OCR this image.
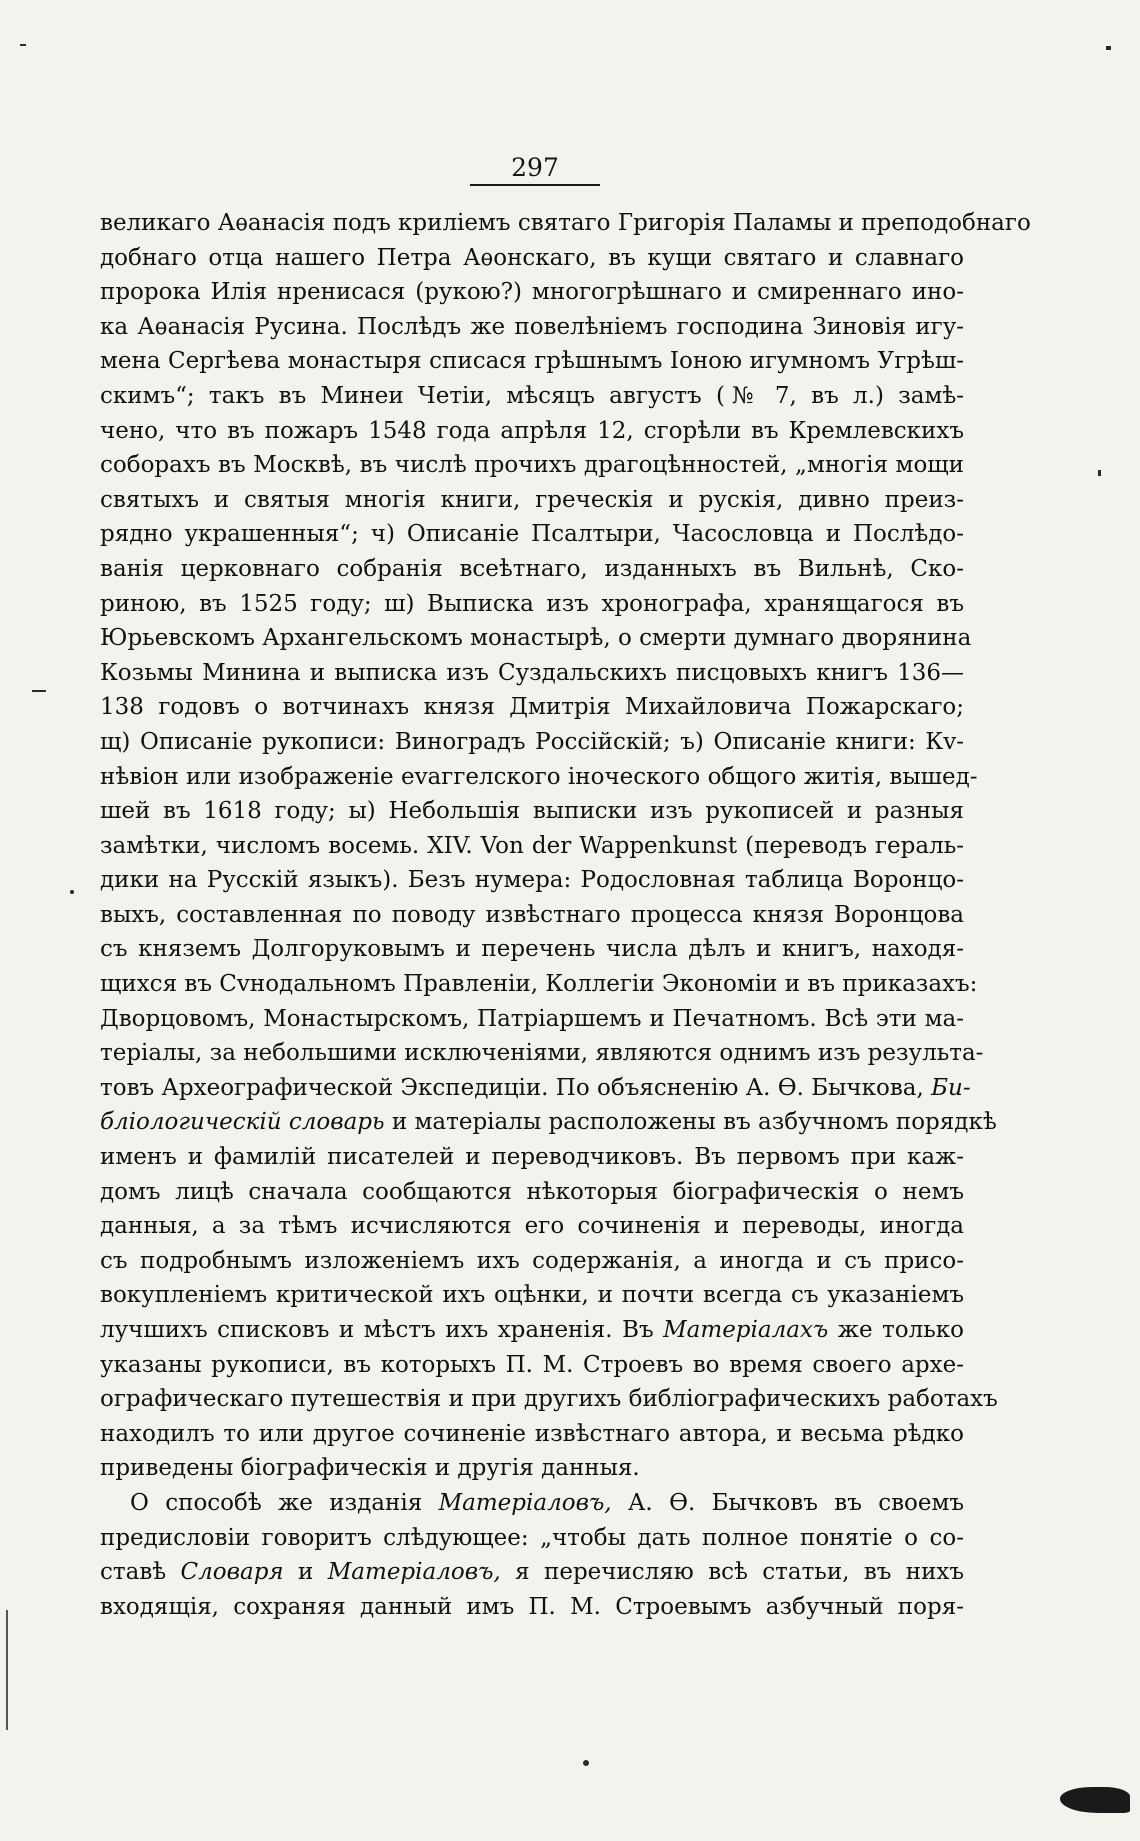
297
великаго Аѳанасія подъ криліемъ святаго Григорія Паламы и преподобнаго
добнаго отца нашего Петра Аѳонскаго, въ кущи святаго и славнаго
пророка Илія нренисася (рукою?) многогрѣшнаго и смиреннаго ино-
ка Аѳанасія Русина. Послѣдъ же повелѣніемъ господина Зиновія игу-
мена Сергѣева монастыря списася грѣшнымъ Іоною игумномъ Угрѣш-
скимъ“; такъ въ Минеи Четіи, мѣсяцъ августъ (№ 7, въ л.) замѣ-
чено, что въ пожаръ 1548 года апрѣля 12, сгорѣли въ Кремлевскихъ
соборахъ въ Москвѣ, въ числѣ прочихъ драгоцѣнностей, „многія мощи
святыхъ и святыя многія книги, греческія и рускія, дивно преиз-
рядно украшенныя“; ч) Описаніе Псалтыри, Часословца и Послѣдо-
ванія церковнаго собранія всеѣтнаго, изданныхъ въ Вильнѣ, Ско-
риною, въ 1525 году; ш) Выписка изъ хронографа, хранящагося въ
Юрьевскомъ Архангельскомъ монастырѣ, о смерти думнаго дворянина
Козьмы Минина и выписка изъ Суздальскихъ писцовыхъ книгъ 136—
138 годовъ о вотчинахъ князя Дмитрія Михайловича Пожарскаго;
щ) Описаніе рукописи: Виноградъ Россійскій; ъ) Описаніе книги: Кv-
нѣвіон или изображеніе еvаггелского іноческого общого житія, вышед-
шей въ 1618 году; ы) Небольшія выписки изъ рукописей и разныя
замѣтки, числомъ восемь. XIV. Von der Wappenkunst (переводъ гераль-
дики на Русскій языкъ). Безъ нумера: Родословная таблица Воронцо-
выхъ, составленная по поводу извѣстнаго процесса князя Воронцова
съ княземъ Долгоруковымъ и перечень числа дѣлъ и книгъ, находя-
щихся въ Сvнодальномъ Правленіи, Коллегіи Экономіи и въ приказахъ:
Дворцовомъ, Монастырскомъ, Патріаршемъ и Печатномъ. Всѣ эти ма-
теріалы, за небольшими исключеніями, являются однимъ изъ результа-
товъ Археографической Экспедиціи. По объясненію А. Ѳ. Бычкова, Би-
бліологическій словарь и матеріалы расположены въ азбучномъ порядкѣ
именъ и фамилій писателей и переводчиковъ. Въ первомъ при каж-
домъ лицѣ сначала сообщаются нѣкоторыя біографическія о немъ
данныя, а за тѣмъ исчисляются его сочиненія и переводы, иногда
съ подробнымъ изложеніемъ ихъ содержанія, а иногда и съ присо-
вокупленіемъ критической ихъ оцѣнки, и почти всегда съ указаніемъ
лучшихъ списковъ и мѣстъ ихъ храненія. Въ Матеріалахъ же только
указаны рукописи, въ которыхъ П. М. Строевъ во время своего архе-
ографическаго путешествія и при другихъ библіографическихъ работахъ
находилъ то или другое сочиненіе извѣстнаго автора, и весьма рѣдко
приведены біографическія и другія данныя.
О способѣ же изданія Матеріаловъ, А. Ѳ. Бычковъ въ своемъ
предисловіи говоритъ слѣдующее: „чтобы дать полное понятіе о со-
ставѣ Словаря и Матеріаловъ, я перечисляю всѣ статьи, въ нихъ
входящія, сохраняя данный имъ П. М. Строевымъ азбучный поря-
